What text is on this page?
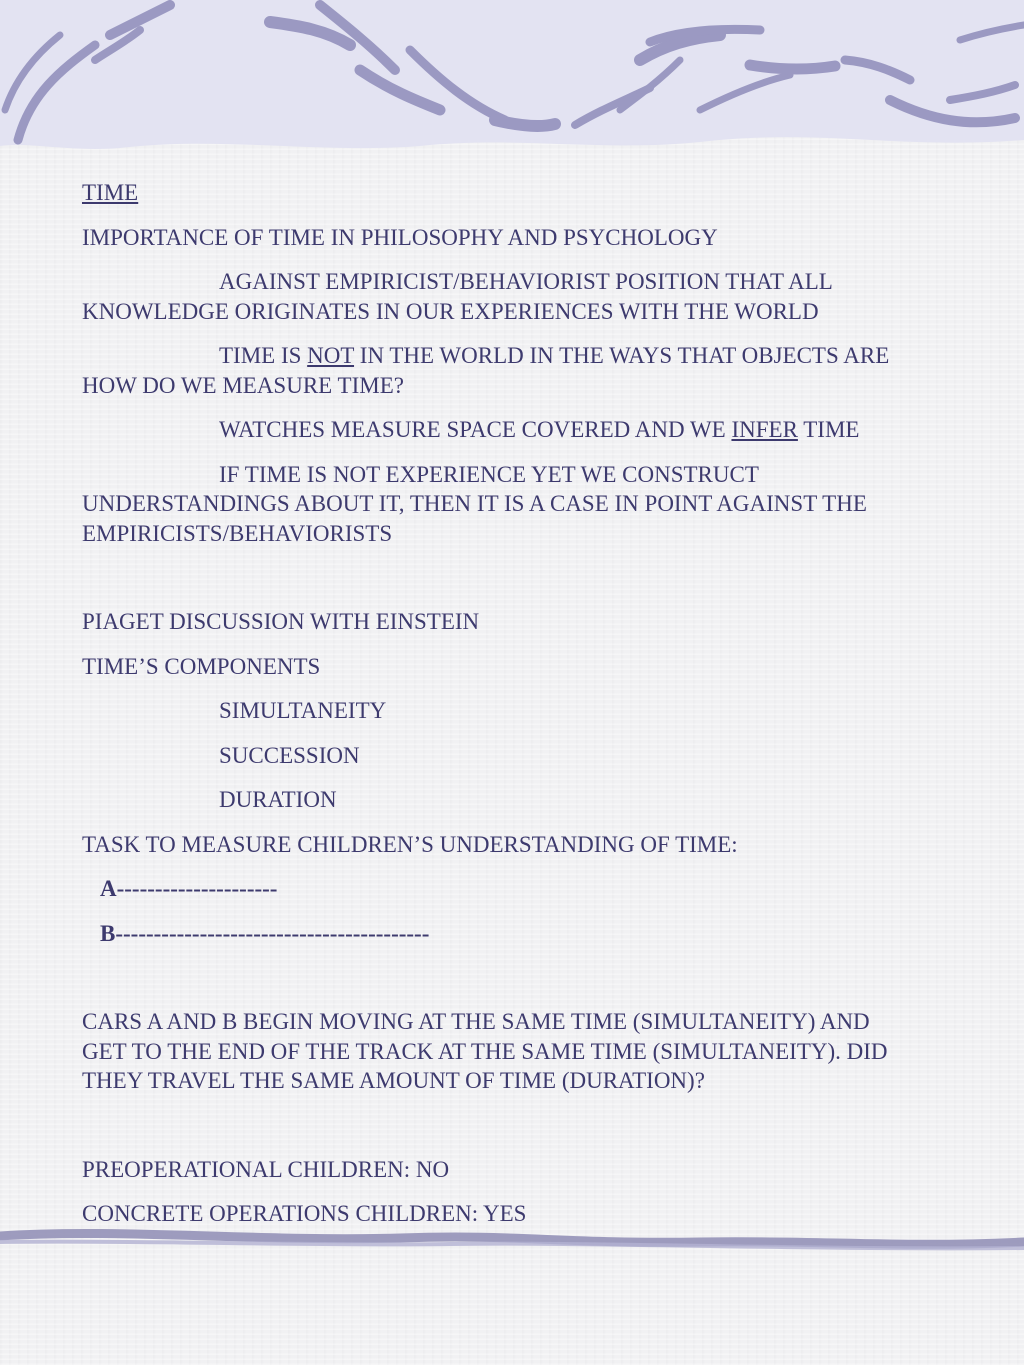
TIME

IMPORTANCE OF TIME IN PHILOSOPHY AND PSYCHOLOGY

AGAINST EMPIRICIST/BEHAVIORIST POSITION THAT ALL KNOWLEDGE ORIGINATES IN OUR EXPERIENCES WITH THE WORLD

TIME IS NOT IN THE WORLD IN THE WAYS THAT OBJECTS ARE HOW DO WE MEASURE TIME?

WATCHES MEASURE SPACE COVERED AND WE INFER TIME

IF TIME IS NOT EXPERIENCE YET WE CONSTRUCT UNDERSTANDINGS ABOUT IT, THEN IT IS A CASE IN POINT AGAINST THE EMPIRICISTS/BEHAVIORISTS

PIAGET DISCUSSION WITH EINSTEIN

TIME’S COMPONENTS

SIMULTANEITY

SUCCESSION

DURATION

TASK TO MEASURE CHILDREN’S UNDERSTANDING OF TIME:

A---------------------

B-----------------------------------------

CARS A AND B BEGIN MOVING AT THE SAME TIME (SIMULTANEITY) AND GET TO THE END OF THE TRACK AT THE SAME TIME (SIMULTANEITY). DID THEY TRAVEL THE SAME AMOUNT OF TIME (DURATION)?

PREOPERATIONAL CHILDREN: NO

CONCRETE OPERATIONS CHILDREN: YES
